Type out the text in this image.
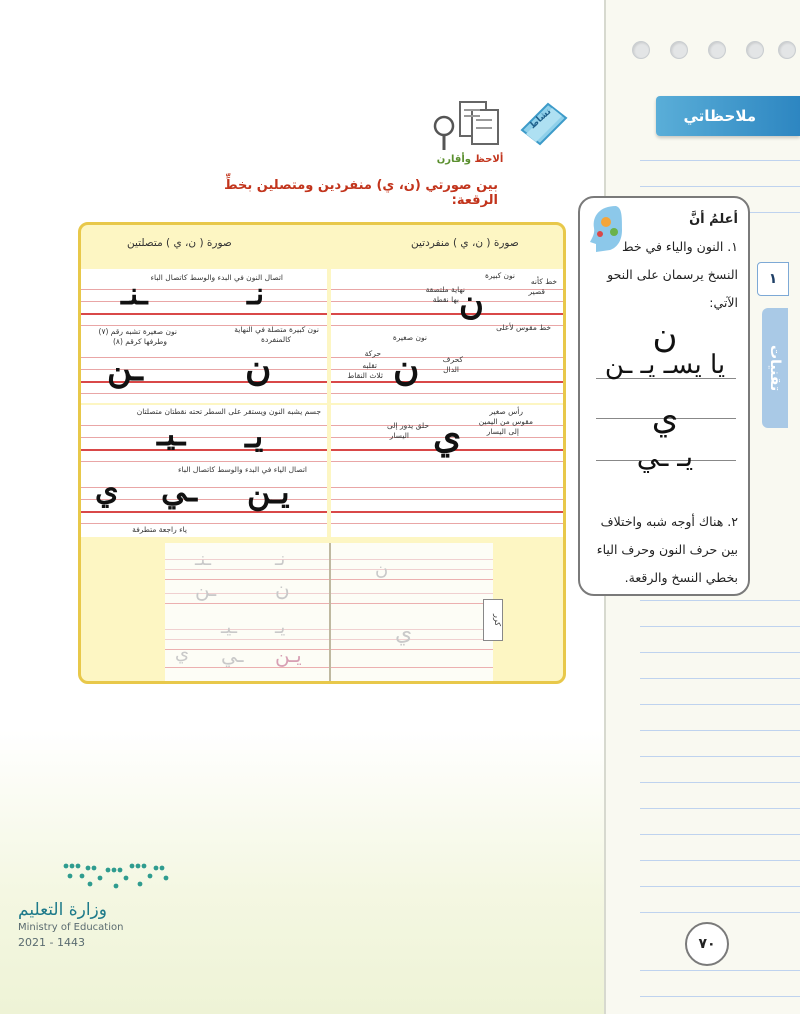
ملاحظاتي
١
تقنيات
أعلمُ أنَّ
١. النون والياء في خط النسخ يرسمان على النحو الآتي:
ن
يا يسـ يـ ـن
ي
يـ ـي
٢. هناك أوجه شبه واختلاف بين حرف النون وحرف الياء بخطي النسخ والرقعة.
٧٠
نشاط
ألاحظ وأقارن
بين صورتي (ن، ي) منفردين ومتصلين بخطِّ الرقعة:
صورة ( ن، ي ) متصلتين	صورة ( ن، ي ) منفردتين
اتصال النون في البدء والوسط كاتصال الباء
نـ
ـنـ
نون صغيرة تشبه رقم (٧)
وطرفها كرقم (٨)
نون كبيرة متصلة في النهاية
كالمنفردة
ـن	ن
نون كبيرة
خط كأنه
قصير
نهاية ملتصقة
بها نقطة
خط مقوس لأعلى
ن
نون صغيرة
حركة
تقلبه
ثلاث النقاط
كحرف
الدال
ن
جسم يشبه النون ويستقر على السطر تحته نقطتان متصلتان
يـ
ـيـ
اتصال الياء في البدء والوسط كاتصال الباء
يـن
ـي
ي
ياء راجعة متطرفة
رأس صغير
مقوس من اليمين
إلى اليسار
حلق يدور إلى
اليسار ي
نـ
ـنـ
ـن	ن
ن
يـ
ـيـ
يـن
ـي
ي
ي
كرر
وزارة التعليم
Ministry of Education
2021 - 1443
